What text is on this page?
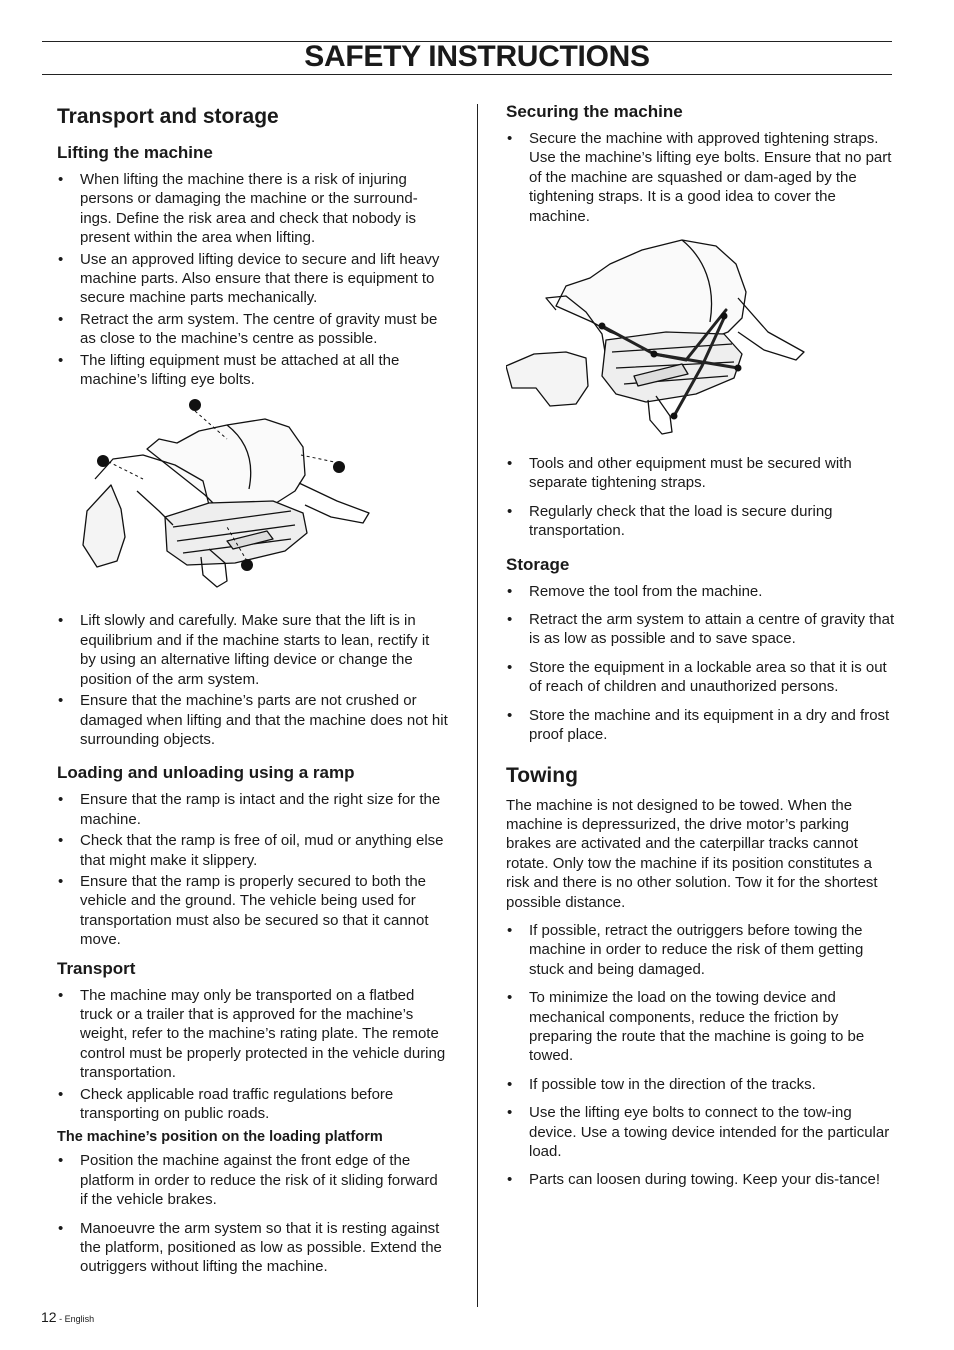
SAFETY INSTRUCTIONS
Transport and storage
Lifting the machine
• When lifting the machine there is a risk of injuring persons or damaging the machine or the surround-ings. Define the risk area and check that nobody is present within the area when lifting.
• Use an approved lifting device to secure and lift heavy machine parts. Also ensure that there is equipment to secure machine parts mechanically.
• Retract the arm system. The centre of gravity must be as close to the machine’s centre as possible.
• The lifting equipment must be attached at all the machine’s lifting eye bolts.
• Lift slowly and carefully. Make sure that the lift is in equilibrium and if the machine starts to lean, rectify it by using an alternative lifting device or change the position of the arm system.
• Ensure that the machine’s parts are not crushed or damaged when lifting and that the machine does not hit surrounding objects.
Loading and unloading using a ramp
• Ensure that the ramp is intact and the right size for the machine.
• Check that the ramp is free of oil, mud or anything else that might make it slippery.
• Ensure that the ramp is properly secured to both the vehicle and the ground. The vehicle being used for transportation must also be secured so that it cannot move.
Transport
• The machine may only be transported on a flatbed truck or a trailer that is approved for the machine’s weight, refer to the machine’s rating plate. The remote control must be properly protected in the vehicle during transportation.
• Check applicable road traffic regulations before transporting on public roads.
The machine’s position on the loading platform
• Position the machine against the front edge of the platform in order to reduce the risk of it sliding forward if the vehicle brakes.
• Manoeuvre the arm system so that it is resting against the platform, positioned as low as possible. Extend the outriggers without lifting the machine.
Securing the machine
• Secure the machine with approved tightening straps. Use the machine’s lifting eye bolts. Ensure that no part of the machine are squashed or dam-aged by the tightening straps. It is a good idea to cover the machine.
• Tools and other equipment must be secured with separate tightening straps.
• Regularly check that the load is secure during transportation.
Storage
• Remove the tool from the machine.
• Retract the arm system to attain a centre of gravity that is as low as possible and to save space.
• Store the equipment in a lockable area so that it is out of reach of children and unauthorized persons.
• Store the machine and its equipment in a dry and frost proof place.
Towing

The machine is not designed to be towed. When the machine is depressurized, the drive motor’s parking brakes are activated and the caterpillar tracks cannot rotate. Only tow the machine if its position constitutes a risk and there is no other solution. Tow it for the shortest possible distance.

• If possible, retract the outriggers before towing the machine in order to reduce the risk of them getting stuck and being damaged.
• To minimize the load on the towing device and mechanical components, reduce the friction by preparing the route that the machine is going to be towed.
• If possible tow in the direction of the tracks.
• Use the lifting eye bolts to connect to the tow-ing device. Use a towing device intended for the particular load.
• Parts can loosen during towing. Keep your dis-tance!
12 - English
